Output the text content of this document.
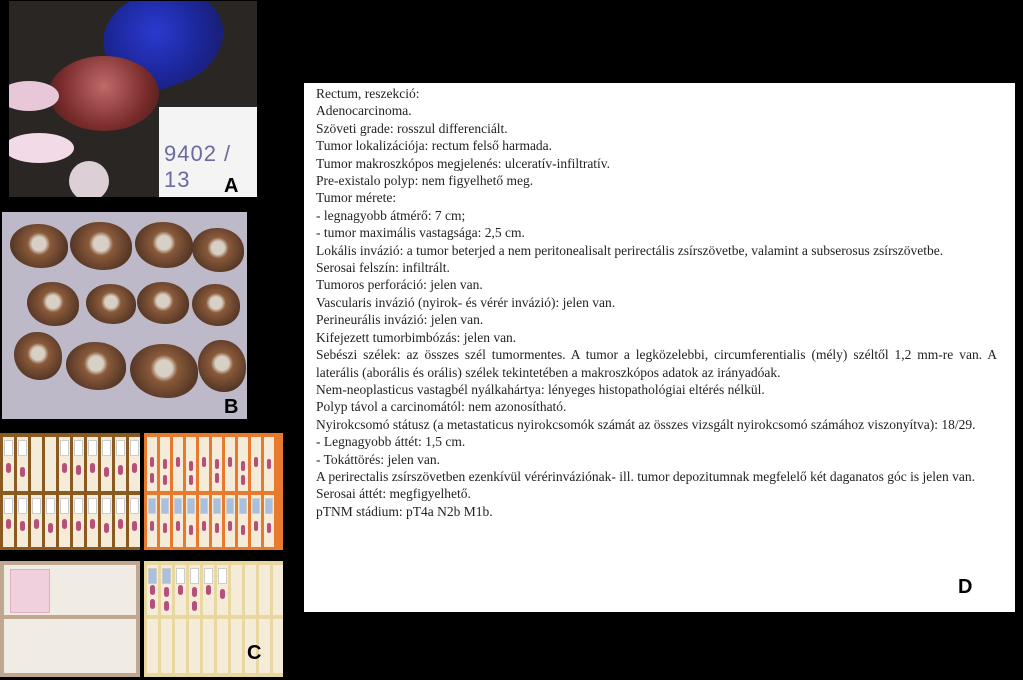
9402 / 13	A
B
C
Rectum, reszekció:
Adenocarcinoma.
Szöveti grade: rosszul differenciált.
Tumor lokalizációja: rectum felső harmada.
Tumor makroszkópos megjelenés: ulceratív-infiltratív.
Pre-existalo polyp: nem figyelhető meg.
Tumor mérete:
- legnagyobb átmérő: 7 cm;
- tumor maximális vastagsága: 2,5 cm.
Lokális invázió: a tumor beterjed a nem peritonealisalt perirectális zsírszövetbe, valamint a subserosus zsírszövetbe.
Serosai felszín: infiltrált.
Tumoros perforáció: jelen van.
Vascularis invázió (nyirok- és vérér invázió): jelen van.
Perineurális invázió: jelen van.
Kifejezett tumorbimbózás: jelen van.
Sebészi szélek: az összes szél tumormentes. A tumor a legközelebbi, circumferentialis (mély) széltől 1,2 mm-re van. A laterális (aborális és orális) szélek tekintetében a makroszkópos adatok az irányadóak.
Nem-neoplasticus vastagbél nyálkahártya: lényeges histopathológiai eltérés nélkül.
Polyp távol a carcinomától: nem azonosítható.
Nyirokcsomó státusz (a metastaticus nyirokcsomók számát az összes vizsgált nyirokcsomó számához viszonyítva): 18/29.
- Legnagyobb áttét: 1,5 cm.
- Tokáttörés: jelen van.
A perirectalis zsírszövetben ezenkívül vérérinváziónak- ill. tumor depozitumnak megfelelő két daganatos góc is jelen van.
Serosai áttét: megfigyelhető.
pTNM stádium: pT4a N2b M1b.
D
